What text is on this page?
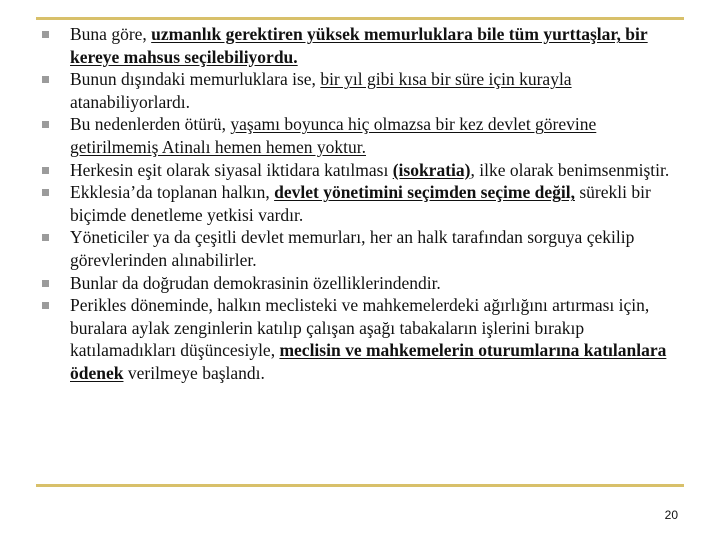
Buna göre, uzmanlık gerektiren yüksek memurluklara bile tüm yurttaşlar, bir kereye mahsus seçilebiliyordu.
Bunun dışındaki memurluklara ise, bir yıl gibi kısa bir süre için kurayla atanabiliyorlardı.
Bu nedenlerden ötürü, yaşamı boyunca hiç olmazsa bir kez devlet görevine getirilmemiş Atinalı hemen hemen yoktur.
Herkesin eşit olarak siyasal iktidara katılması (isokratia), ilke olarak benimsenmiştir.
Ekklesia’da toplanan halkın, devlet yönetimini seçimden seçime değil, sürekli bir biçimde denetleme yetkisi vardır.
Yöneticiler ya da çeşitli devlet memurları, her an halk tarafından sorguya çekilip görevlerinden alınabilirler.
Bunlar da doğrudan demokrasinin özelliklerindendir.
Perikles döneminde, halkın meclisteki ve mahkemelerdeki ağırlığını artırması için, buralara aylak zenginlerin katılıp çalışan aşağı tabakaların işlerini bırakıp katılamadıkları düşüncesiyle, meclisin ve mahkemelerin oturumlarına katılanlara ödenek verilmeye başlandı.
20
